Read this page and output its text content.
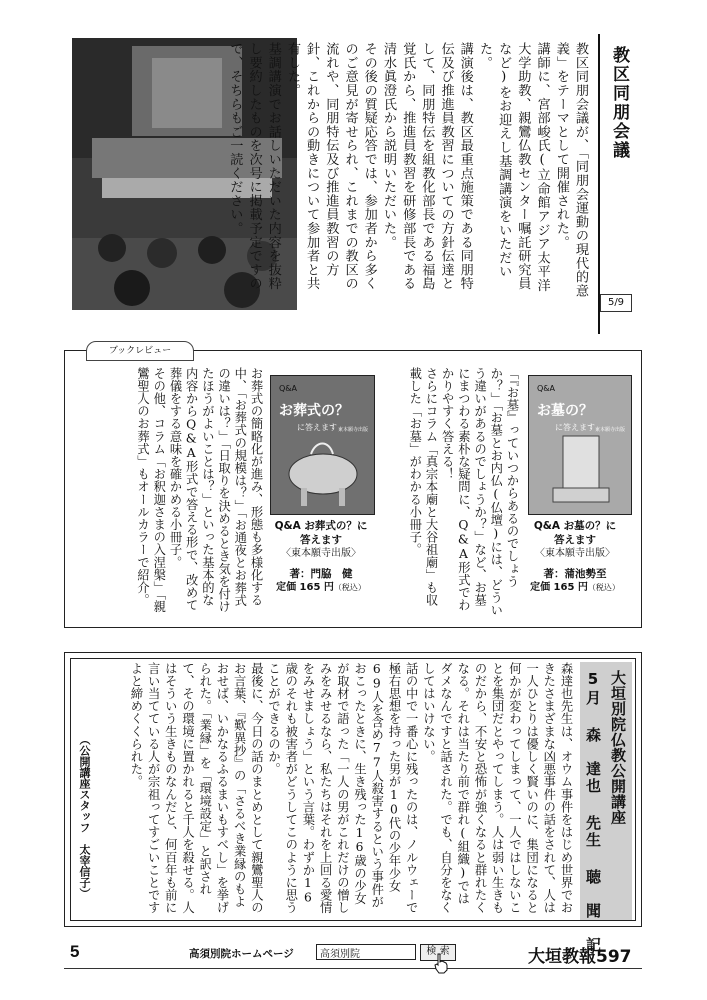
教区同朋会議が、「同朋会運動の現代的意義」をテーマとして開催された。
講師に、宮部峻氏(立命館アジア太平洋大学助教、親鸞仏教センター嘱託研究員など)をお迎えし基調講演をいただいた。
講演後は、教区最重点施策である同朋特伝及び推進員教習についての方針伝達として、同朋特伝を組教化部長である福島覚氏から、推進員教習を研修部長である清水眞澄氏から説明いただいた。
その後の質疑応答では、参加者から多くのご意見が寄せられ、これまでの教区の流れや、同朋特伝及び推進員教習の方針、これからの動きについて参加者と共有した。
基調講演でお話しいただいた内容を抜粋し要約したものを次号に掲載予定ですので、そちらもご一読ください。	教区同朋会議
5/9
ブックレビュー
Q&A
お墓の？
に答えます 東本願寺出版
Q&A お墓の？に
答えます
〈東本願寺出版〉
著：蒲池勢至
定価 165 円（税込）
Q&A
お葬式の？
に答えます 東本願寺出版
Q&A お葬式の？に
答えます
〈東本願寺出版〉
著：門脇　健
定価 165 円（税込）	「『お墓』っていつからあるのでしょうか？」「お墓とお内仏(仏壇)には、どういう違いがあるのでしょうか？」など、お墓にまつわる素朴な疑問に、Q&A形式でわかりやすく答える！
さらにコラム「真宗本廟と大谷祖廟」も収載した「お墓」がわかる小冊子。
お葬式の簡略化が進み、形態も多様化する中、「お葬式の規模は？」「お通夜とお葬式の違いは？」「日取りを決めるとき気を付けたほうがよいことは？」といった基本的な内容からQ&A形式で答える形で、改めて葬儀をする意味を確かめる小冊子。
その他、コラム「お釈迦さまの入涅槃」「親鸞聖人のお葬式」もオールカラーで紹介。
大垣別院仏教公開講座
5月 森　達也 先生 聴　聞　記
森達也先生は、オウム事件をはじめ世界でおきたさまざまな凶悪事件の話をされて、人は一人ひとりは優しく賢いのに、集団になると何かが変わってしまって、一人ではしないことを集団だとやってしまう。人は弱い生きものだから、不安と恐怖が強くなると群れたくなる。それは当たり前で群れ(組織)ではダメなんですと話された。でも、自分をなくしてはいけない。
話の中で一番心に残ったのは、ノルウェーで極右思想を持った男が10代の少年少女69人を含め77人殺害するという事件がおこったときに、生き残った16歳の少女が取材で語った「一人の男がこれだけの憎しみをみせるなら、私たちはそれを上回る愛情をみせましょう」という言葉。わずか16歳のそれも被害者がどうしてこのように思うことができるのか。
最後に、今日の話のまとめとして親鸞聖人のお言葉、『歎異抄』の「さるべき業縁のもよおせば、いかなるふるまいもすべし」を挙げられた。「業縁」を「環境設定」と訳されて、その環境に置かれると千人を殺せる。人はそういう生きものなんだと、何百年も前に言い当てている人が宗祖ってすごいことですよと締めくくられた。
（公開講座スタッフ　太宰信子）
5	高須別院ホームページ	高須別院	検 索	大垣教報597
